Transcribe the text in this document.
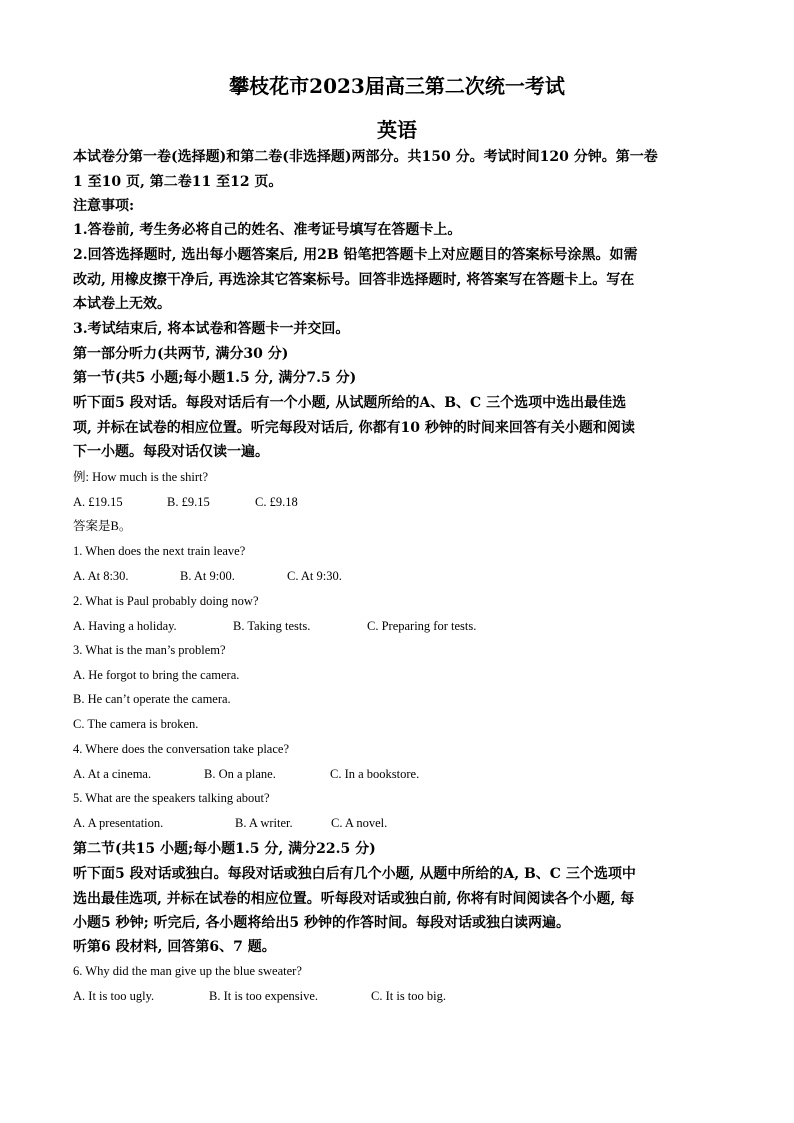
攀枝花市2023届高三第二次统一考试
英语
本试卷分第一卷(选择题)和第二卷(非选择题)两部分。共150 分。考试时间120 分钟。第一卷
1 至10 页, 第二卷11 至12 页。
注意事项:
1.答卷前, 考生务必将自己的姓名、准考证号填写在答题卡上。
2.回答选择题时, 选出每小题答案后, 用2B 铅笔把答题卡上对应题目的答案标号涂黑。如需
改动, 用橡皮擦干净后, 再选涂其它答案标号。回答非选择题时, 将答案写在答题卡上。写在
本试卷上无效。
3.考试结束后, 将本试卷和答题卡一并交回。
第一部分听力(共两节, 满分30 分)
第一节(共5 小题;每小题1.5 分, 满分7.5 分)
听下面5 段对话。每段对话后有一个小题, 从试题所给的A、B、C 三个选项中选出最佳选
项, 并标在试卷的相应位置。听完每段对话后, 你都有10 秒钟的时间来回答有关小题和阅读
下一小题。每段对话仅读一遍。
例: How much is the shirt?
A. £19.15	B. £9.15	C. £9.18
答案是B。
1. When does the next train leave?
A. At 8:30.	B. At 9:00.	C. At 9:30.
2. What is Paul probably doing now?
A. Having a holiday.	B. Taking tests.	C. Preparing for tests.
3. What is the man’s problem?
A. He forgot to bring the camera.
B. He can’t operate the camera.
C. The camera is broken.
4. Where does the conversation take place?
A. At a cinema.	B. On a plane.	C. In a bookstore.
5. What are the speakers talking about?
A. A presentation.	B. A writer.	C. A novel.
第二节(共15 小题;每小题1.5 分, 满分22.5 分)
听下面5 段对话或独白。每段对话或独白后有几个小题, 从题中所给的A, B、C 三个选项中
选出最佳选项, 并标在试卷的相应位置。听每段对话或独白前, 你将有时间阅读各个小题, 每
小题5 秒钟; 听完后, 各小题将给出5 秒钟的作答时间。每段对话或独白读两遍。
听第6 段材料, 回答第6、7 题。
6. Why did the man give up the blue sweater?
A. It is too ugly.	B. It is too expensive.	C. It is too big.
